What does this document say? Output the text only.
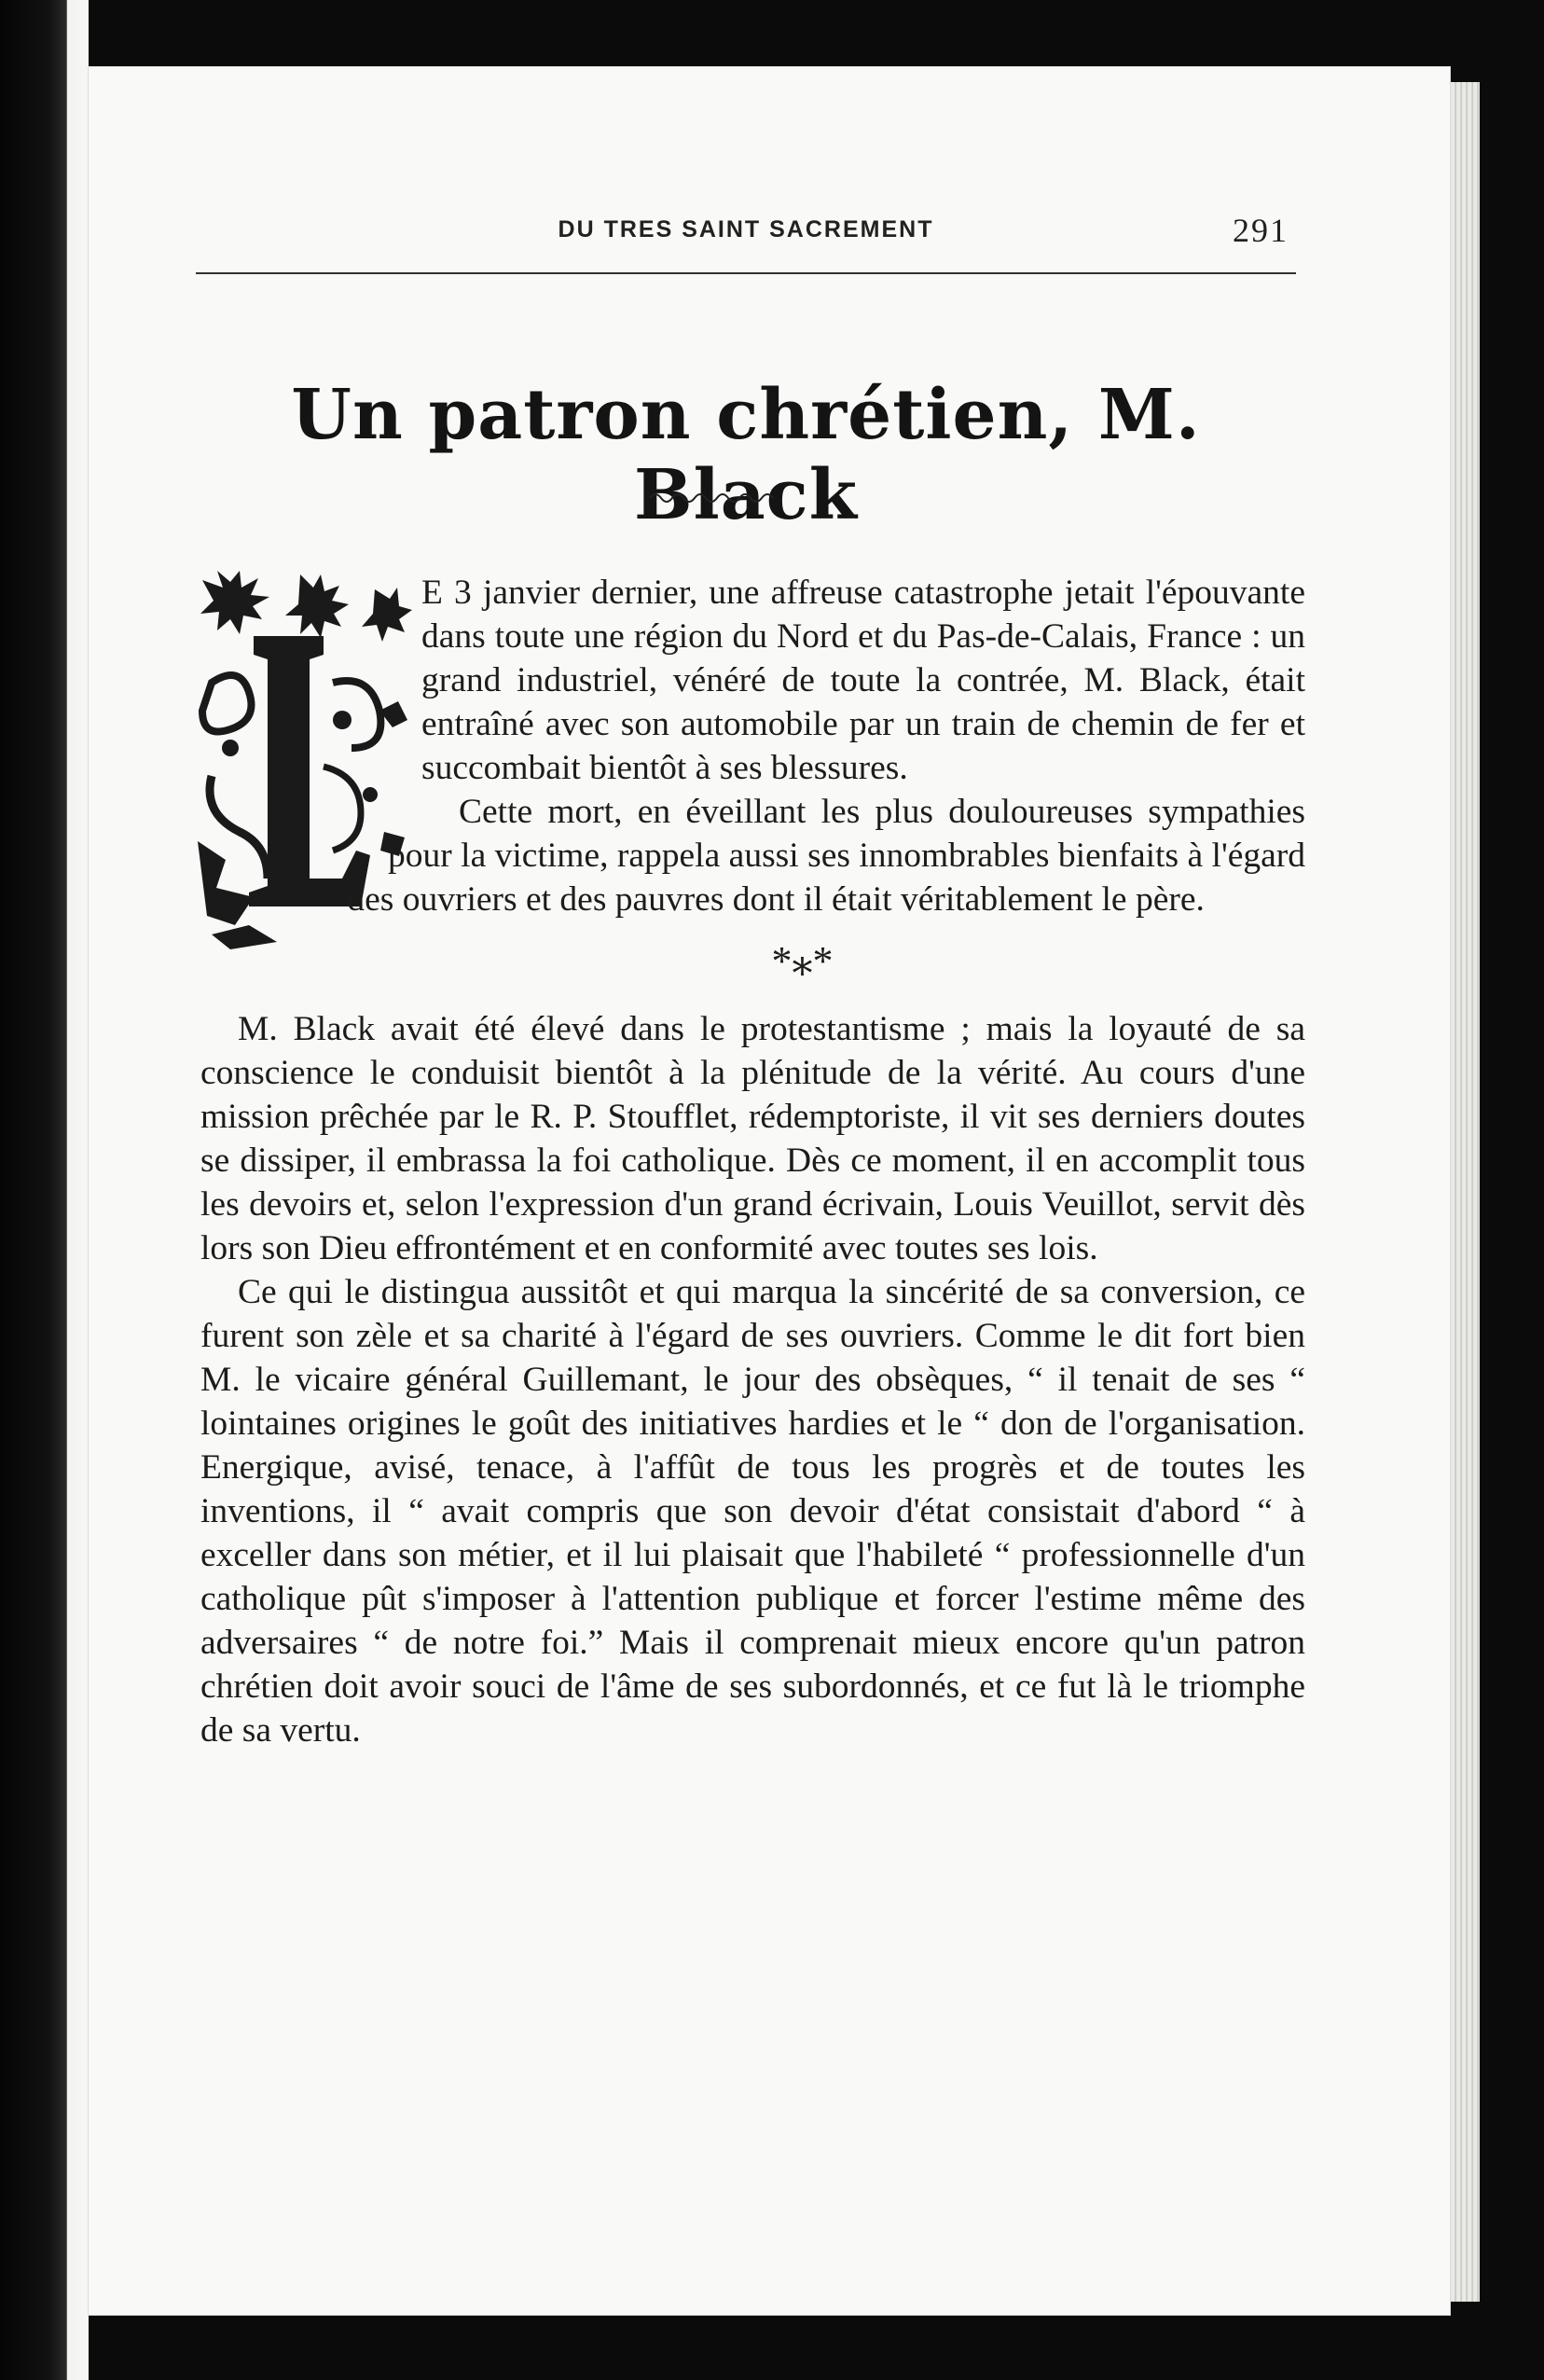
DU TRES SAINT SACREMENT	291
Un patron chrétien, M. Black

E 3 janvier dernier, une affreuse catastrophe jetait l'épouvante dans toute une région du Nord et du Pas-de-Calais, France : un grand industriel, vénéré de toute la contrée, M. Black, était entraîné avec son automobile par un train de chemin de fer et succombait bientôt à ses blessures.

Cette mort, en éveillant les plus douloureuses sympathies pour la victime, rappela aussi ses innombrables bienfaits à l'égard des ouvriers et des pauvres dont il était véritablement le père.

*⁎*

M. Black avait été élevé dans le protestantisme ; mais la loyauté de sa conscience le conduisit bientôt à la plénitude de la vérité. Au cours d'une mission prêchée par le R. P. Stoufflet, rédemptoriste, il vit ses derniers doutes se dissiper, il embrassa la foi catholique. Dès ce moment, il en accomplit tous les devoirs et, selon l'expression d'un grand écrivain, Louis Veuillot, servit dès lors son Dieu effrontément et en conformité avec toutes ses lois.

Ce qui le distingua aussitôt et qui marqua la sincérité de sa conversion, ce furent son zèle et sa charité à l'égard de ses ouvriers. Comme le dit fort bien M. le vicaire général Guillemant, le jour des obsèques, “ il tenait de ses “ lointaines origines le goût des initiatives hardies et le “ don de l'organisation. Energique, avisé, tenace, à l'affût de tous les progrès et de toutes les inventions, il “ avait compris que son devoir d'état consistait d'abord “ à exceller dans son métier, et il lui plaisait que l'habileté “ professionnelle d'un catholique pût s'imposer à l'attention publique et forcer l'estime même des adversaires “ de notre foi.” Mais il comprenait mieux encore qu'un patron chrétien doit avoir souci de l'âme de ses subordonnés, et ce fut là le triomphe de sa vertu.
